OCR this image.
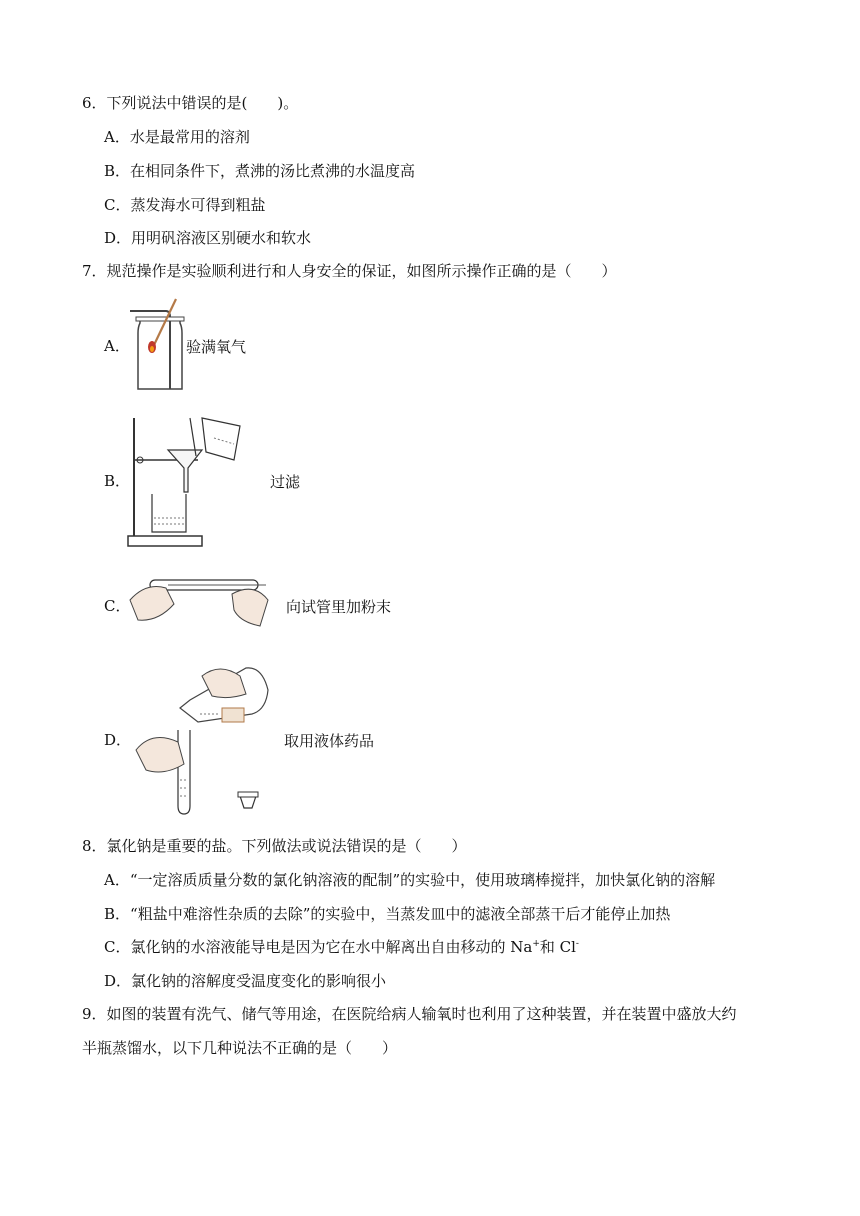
6．下列说法中错误的是(　　)。
A．水是最常用的溶剂
B．在相同条件下，煮沸的汤比煮沸的水温度高
C．蒸发海水可得到粗盐
D．用明矾溶液区别硬水和软水
7．规范操作是实验顺利进行和人身安全的保证，如图所示操作正确的是（　　）
A．	验满氧气
B．	过滤
C．	向试管里加粉末
D．	取用液体药品
8．氯化钠是重要的盐。下列做法或说法错误的是（　　）
A．“一定溶质质量分数的氯化钠溶液的配制”的实验中，使用玻璃棒搅拌，加快氯化钠的溶解
B．“粗盐中难溶性杂质的去除”的实验中，当蒸发皿中的滤液全部蒸干后才能停止加热
C．氯化钠的水溶液能导电是因为它在水中解离出自由移动的 Na+和 Cl-
D．氯化钠的溶解度受温度变化的影响很小
9．如图的装置有洗气、储气等用途，在医院给病人输氧时也利用了这种装置，并在装置中盛放大约
半瓶蒸馏水，以下几种说法不正确的是（　　）
